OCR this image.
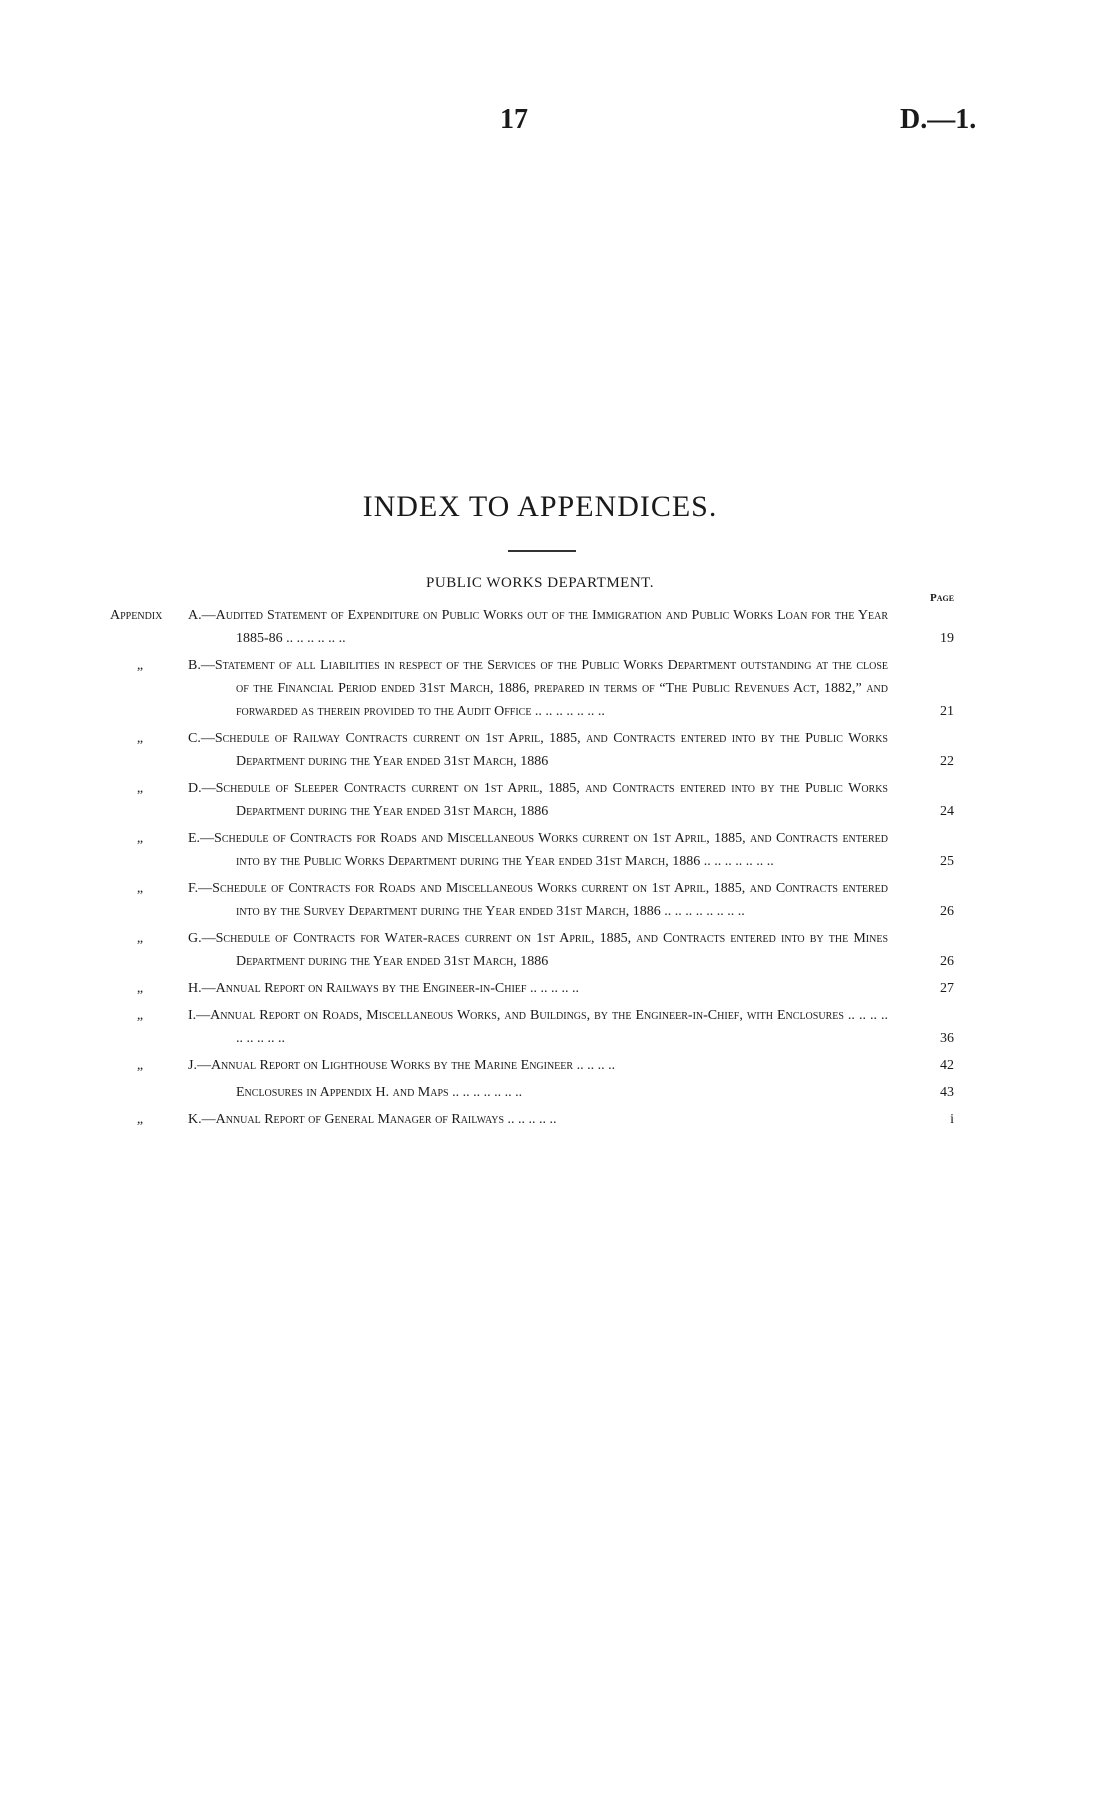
17	D.—1.
INDEX TO APPENDICES.
PUBLIC WORKS DEPARTMENT.
Page
Appendix	A.—Audited Statement of Expenditure on Public Works out of the Immigration and Public Works Loan for the Year 1885-86 .. .. .. .. .. ..	19
„	B.—Statement of all Liabilities in respect of the Services of the Public Works Department outstanding at the close of the Financial Period ended 31st March, 1886, prepared in terms of “The Public Revenues Act, 1882,” and forwarded as therein provided to the Audit Office .. .. .. .. .. .. ..	21
„	C.—Schedule of Railway Contracts current on 1st April, 1885, and Contracts entered into by the Public Works Department during the Year ended 31st March, 1886	22
„	D.—Schedule of Sleeper Contracts current on 1st April, 1885, and Contracts entered into by the Public Works Department during the Year ended 31st March, 1886	24
„	E.—Schedule of Contracts for Roads and Miscellaneous Works current on 1st April, 1885, and Contracts entered into by the Public Works Department during the Year ended 31st March, 1886 .. .. .. .. .. .. ..	25
„	F.—Schedule of Contracts for Roads and Miscellaneous Works current on 1st April, 1885, and Contracts entered into by the Survey Department during the Year ended 31st March, 1886 .. .. .. .. .. .. .. ..	26
„	G.—Schedule of Contracts for Water-races current on 1st April, 1885, and Contracts entered into by the Mines Department during the Year ended 31st March, 1886	26
„	H.—Annual Report on Railways by the Engineer-in-Chief .. .. .. .. ..	27
„	I.—Annual Report on Roads, Miscellaneous Works, and Buildings, by the Engineer-in-Chief, with Enclosures .. .. .. .. .. .. .. .. ..	36
„	J.—Annual Report on Lighthouse Works by the Marine Engineer .. .. .. ..	42
Enclosures in Appendix H. and Maps .. .. .. .. .. .. ..	43
„	K.—Annual Report of General Manager of Railways .. .. .. .. ..	i
